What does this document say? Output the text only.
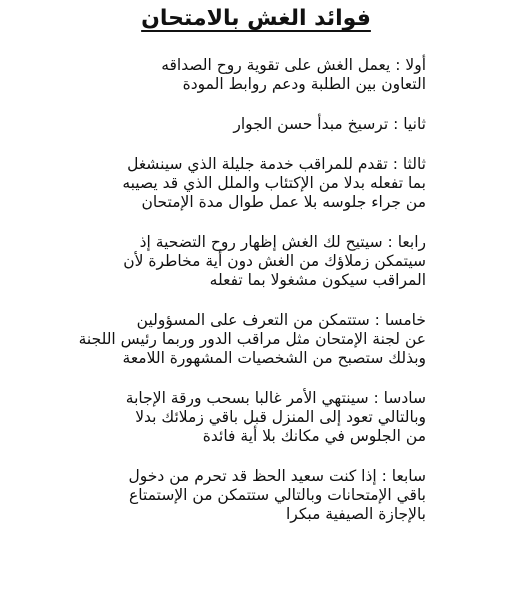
فوائد الغش بالامتحان

أولا : يعمل الغش على تقوية روح الصداقه
التعاون بين الطلبة ودعم روابط المودة

ثانيا : ترسيخ مبدأ حسن الجوار

ثالثا : تقدم للمراقب خدمة جليلة الذي سينشغل
بما تفعله بدلا من الإكتئاب والملل الذي قد يصيبه
من جراء جلوسه بلا عمل طوال مدة الإمتحان

رابعا : سيتيح لك الغش إظهار روح التضحية إذ
سيتمكن زملاؤك من الغش دون أية مخاطرة لأن
المراقب سيكون مشغولا بما تفعله

خامسا : ستتمكن من التعرف على المسؤولين
عن لجنة الإمتحان مثل مراقب الدور وربما رئيس اللجنة
وبذلك ستصبح من الشخصيات المشهورة اللامعة

سادسا : سينتهي الأمر غالبا بسحب ورقة الإجابة
وبالتالي تعود إلى المنزل قبل باقي زملائك بدلا
من الجلوس في مكانك بلا أية فائدة

سابعا : إذا كنت سعيد الحظ قد تحرم من دخول
باقي الإمتحانات وبالتالي ستتمكن من الإستمتاع
بالإجازة الصيفية مبكرا
